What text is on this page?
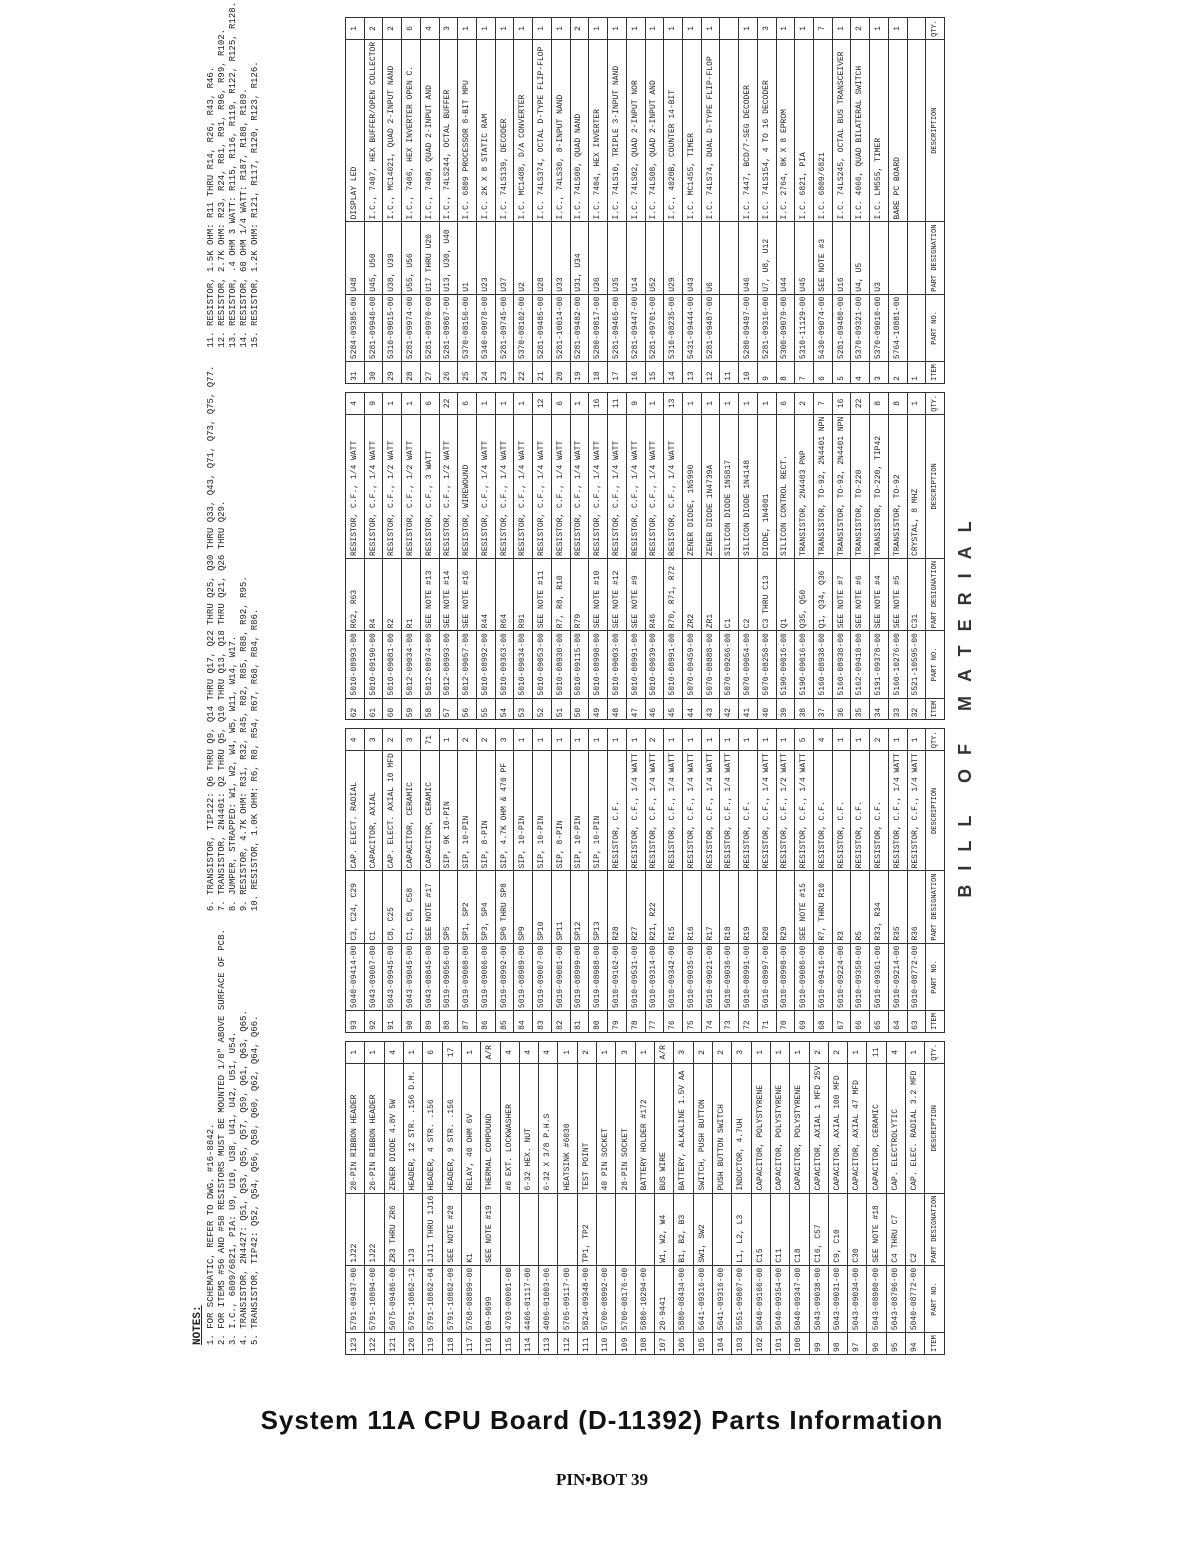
NOTES: 1. FOR SCHEMATIC, REFER TO DWG. #16-8842. 2. FOR ITEMS #56 AND #58 RESISTORS MUST BE MOUNTED 1/8" ABOVE SURFACE OF PCB. 3. I.C., 6809/6821, PIA: U9, U10, U38, U41, U42, U51, U54. 4. TRANSISTOR, 2N4427: Q51, Q53, Q55, Q57, Q59, Q61, Q63, Q65. 5. TRANSISTOR, TIP42: Q52, Q54, Q56, Q58, Q60, Q62, Q64, Q66.
6. TRANSISTOR, TIP122: Q6 THRU Q9, Q14 THRU Q17, Q22 THRU Q25, Q30 THRU Q33, Q43, Q71, Q73, Q75, Q77. 7. TRANSISTOR, 2N4401: Q2 THRU Q5, Q10 THRU Q13, Q18 THRU Q21, Q26 THRU Q29. 8. JUMPER, STRAPPED: W1, W2, W4, W5, W11, W14, W17. 9. RESISTOR, 4.7K OHM: R31, R32, R45, R82, R85, R88, R92, R95. 10. RESISTOR, 1.0K OHM: R6, R8, R54, R67, R68, R84, R86.
11. RESISTOR, 1.5K OHM: R11 THRU R14, R26, R43, R46. 12. RESISTOR, 2.7K OHM: R23, R24, R81, R91, R96, R99, R102. 13. RESISTOR, .4 OHM 3 WATT: R115, R116, R119, R122, R125, R128. 14. RESISTOR, 68 OHM 1/4 WATT: R187, R188, R189. 15. RESISTOR, 1.2K OHM: R121, R117, R120, R123, R126.
123	5791-09437-00	1J22	20-PIN RIBBON HEADER	1
122	5791-10894-00	1J22	26-PIN RIBBON HEADER	1
121	5075-09486-00	ZR3 THRU ZR6	ZENER DIODE 4.8V 5W	4
120	5791-10862-12	1J3	HEADER, 12 STR. .156 D.M.	1
119	5791-10862-04	1J11 THRU 1J16	HEADER, 4 STR. .156	6
118	5791-10862-09	SEE NOTE #20	HEADER, 9 STR. .156	17
117	5768-08899-00	K1	RELAY, 40 OHM 6V	1
116	09-9699	SEE NOTE #19	THERMAL COMPOUND	A/R
115	4703-00001-00		#6 EXT. LOCKWASHER	4
114	4406-01117-00		6-32 HEX. NUT	4
113	4006-01003-06		6-32 X 3/8 P.H.S	4
112	5705-09117-00		HEATSINK #6030	1
111	5824-09348-00	TP1, TP2	TEST POINT	2
110	5700-08992-00		40 PIN SOCKET	1
109	5700-08176-00		28-PIN SOCKET	3
108	5880-10294-00		BATTERY HOLDER #172	1
107	20-9441	W1, W2, W4	BUS WIRE	A/R
106	5880-08434-00	B1, B2, B3	BATTERY, ALKALINE 1.5V AA	3
105	5641-09316-00	SW1, SW2	SWITCH, PUSH BUTTON	2
104	5641-09316-00		PUSH BUTTON SWITCH	2
103	5551-09807-00	L1, L2, L3	INDUCTOR, 4.7UH	3
102	5040-09166-00	C15	CAPACITOR, POLYSTYRENE	1
101	5040-09354-00	C11	CAPACITOR, POLYSTYRENE	1
100	5040-09347-00	C18	CAPACITOR, POLYSTYRENE	1
99	5043-09038-00	C16, C57	CAPACITOR, AXIAL 1 MFD 25V	2
98	5043-09031-00	C9, C10	CAPACITOR, AXIAL 100 MFD	2
97	5043-09034-00	C30	CAPACITOR, AXIAL 47 MFD	1
96	5043-08980-00	SEE NOTE #18	CAPACITOR, CERAMIC	11
95	5043-08796-00	C4 THRU C7	CAP. ELECTROLYTIC	4
94	5040-08772-00	C2	CAP. ELEC. RADIAL 3.2 MFD	1
ITEM	PART NO.	PART DESIGNATION	DESCRIPTION	QTY.
93	5040-09414-00	C3, C24, C29	CAP. ELECT. RADIAL	4
92	5043-09067-00	C1	CAPACITOR, AXIAL	3
91	5043-09945-00	C8, C25	CAP. ELECT. AXIAL 10 MFD	2
90	5043-09045-00	C1, C8, C58	CAPACITOR, CERAMIC	3
89	5043-08845-00	SEE NOTE #17	CAPACITOR, CERAMIC	71
88	5019-09056-00	SP5	SIP, 9K 10-PIN	1
87	5019-09008-00	SP1, SP2	SIP, 10-PIN	2
86	5019-09006-00	SP3, SP4	SIP, 8-PIN	2
85	5019-08992-00	SP6 THRU SP8	SIP, 4.7K OHM & 470 PF	3
84	5019-08989-00	SP9	SIP, 10-PIN	1
83	5019-09007-00	SP10	SIP, 10-PIN	1
82	5019-09001-00	SP11	SIP, 8-PIN	1
81	5019-08999-00	SP12	SIP, 10-PIN	1
80	5019-08988-00	SP13	SIP, 10-PIN	1
79	5010-09162-00	R28	RESISTOR, C.F.	1
78	5010-09531-00	R27	RESISTOR, C.F., 1/4 WATT	1
77	5010-09314-00	R21, R22	RESISTOR, C.F., 1/4 WATT	2
76	5010-09342-00	R15	RESISTOR, C.F., 1/4 WATT	1
75	5010-09035-00	R16	RESISTOR, C.F., 1/4 WATT	1
74	5010-09021-00	R17	RESISTOR, C.F., 1/4 WATT	1
73	5010-09036-00	R18	RESISTOR, C.F., 1/4 WATT	1
72	5010-08991-00	R19	RESISTOR, C.F.	1
71	5010-08997-00	R20	RESISTOR, C.F., 1/4 WATT	1
70	5010-08998-00	R29	RESISTOR, C.F., 1/2 WATT	1
69	5010-09086-00	SEE NOTE #15	RESISTOR, C.F., 1/4 WATT	5
68	5010-09416-00	R7, THRU R10	RESISTOR, C.F.	4
67	5010-09224-00	R3	RESISTOR, C.F.	1
66	5010-09358-00	R5	RESISTOR, C.F.	1
65	5010-09361-00	R33, R34	RESISTOR, C.F.	2
64	5010-09214-00	R35	RESISTOR, C.F., 1/4 WATT	1
63	5010-08772-00	R36	RESISTOR, C.F., 1/4 WATT	1
ITEM	PART NO.	PART DESIGNATION	DESCRIPTION	QTY.
62	5010-08993-00	R62, R63	RESISTOR, C.F., 1/4 WATT	4
61	5010-09190-00	R4	RESISTOR, C.F., 1/4 WATT	9
60	5010-09081-00	R2	RESISTOR, C.F., 1/2 WATT	1
59	5012-09034-00	R1	RESISTOR, C.F., 1/2 WATT	1
58	5012-08974-00	SEE NOTE #13	RESISTOR, C.F., 3 WATT	6
57	5012-08993-00	SEE NOTE #14	RESISTOR, C.F., 1/2 WATT	22
56	5012-09057-00	SEE NOTE #16	RESISTOR, WIREWOUND	6
55	5010-08992-00	R44	RESISTOR, C.F., 1/4 WATT	1
54	5010-09363-00	R64	RESISTOR, C.F., 1/4 WATT	1
53	5010-09034-00	R91	RESISTOR, C.F., 1/4 WATT	1
52	5010-09053-00	SEE NOTE #11	RESISTOR, C.F., 1/4 WATT	12
51	5010-08930-00	R7, R8, R10	RESISTOR, C.F., 1/4 WATT	6
50	5010-09115-00	R79	RESISTOR, C.F., 1/4 WATT	1
49	5010-08998-00	SEE NOTE #10	RESISTOR, C.F., 1/4 WATT	16
48	5010-09003-00	SEE NOTE #12	RESISTOR, C.F., 1/4 WATT	11
47	5010-08991-00	SEE NOTE #9	RESISTOR, C.F., 1/4 WATT	9
46	5010-09039-00	R46	RESISTOR, C.F., 1/4 WATT	1
45	5010-08991-00	R70, R71, R72	RESISTOR, C.F., 1/4 WATT	13
44	5070-09459-00	ZR2	ZENER DIODE, 1N5990	1
43	5070-08888-00	ZR1	ZENER DIODE 1N4739A	1
42	5070-09266-00	C1	SILICON DIODE 1N5817	1
41	5070-09054-00	C2	SILICON DIODE 1N4148	1
40	5070-08258-00	C3 THRU C13	DIODE, 1N4001	1
39	5190-09016-00	Q1	SILICON CONTROL RECT.	6
38	5190-09016-00	Q35, Q50	TRANSISTOR, 2N4403 PNP	2
37	5160-08938-00	Q1, Q34, Q36	TRANSISTOR, TO-92, 2N4401 NPN	7
36	5160-08938-00	SEE NOTE #7	TRANSISTOR, TO-92, 2N4401 NPN	16
35	5162-09418-00	SEE NOTE #6	TRANSISTOR, TO-220	22
34	5191-09378-00	SEE NOTE #4	TRANSISTOR, TO-220, TIP42	8
33	5160-10276-00	SEE NOTE #5	TRANSISTOR, TO-92	8
32	5521-10595-00	C31	CRYSTAL, 8 MHZ	1
ITEM	PART NO.	PART DESIGNATION	DESCRIPTION	QTY.
31	5284-09385-00	U48	DISPLAY LED	1
30	5281-09946-00	U45, U50	I.C., 7407, HEX BUFFER/OPEN COLLECTOR	2
29	5310-09015-00	U38, U39	I.C., MC14021, QUAD 2-INPUT NAND	2
28	5281-09974-00	U55, U56	I.C., 7406, HEX INVERTER OPEN C.	6
27	5281-09970-00	U17 THRU U20	I.C., 7408, QUAD 2-INPUT AND	4
26	5281-09867-00	U13, U30, U40	I.C., 74LS244, OCTAL BUFFER	3
25	5370-08156-00	U1	I.C. 6809 PROCESSOR 8-BIT MPU	1
24	5340-09078-00	U23	I.C. 2K X 8 STATIC RAM	1
23	5281-09745-00	U37	I.C. 74LS139, DECODER	1
22	5370-08102-00	U2	I.C. MC1408, D/A CONVERTER	1
21	5281-09485-00	U28	I.C. 74LS374, OCTAL D-TYPE FLIP-FLOP	1
20	5281-10014-00	U33	I.C., 74LS30, 8-INPUT NAND	1
19	5281-09482-00	U31, U34	I.C. 74LS00, QUAD NAND	2
18	5280-09817-00	U36	I.C. 7404, HEX INVERTER	1
17	5281-09465-00	U35	I.C. 74LS10, TRIPLE 3-INPUT NAND	1
16	5281-09447-00	U14	I.C. 74LS02, QUAD 2-INPUT NOR	1
15	5281-09701-00	U52	I.C. 74LS08, QUAD 2-INPUT AND	1
14	5310-08235-00	U29	I.C., 4020B, COUNTER 14-BIT	1
13	5431-09444-00	U43	I.C. MC1455, TIMER	1
12	5281-09487-00	U6	I.C. 74LS74, DUAL D-TYPE FLIP-FLOP	1
11				
10	5280-09497-00	U46	I.C. 7447, BCD/7-SEG DECODER	1
9	5281-09316-00	U7, U8, U12	I.C. 74LS154, 4 TO 16 DECODER	3
8	5300-09079-00	U44	I.C. 2764, 8K X 8 EPROM	1
7	5310-11129-00	U45	I.C. 6821, PIA	1
6	5430-09074-00	SEE NOTE #3	I.C. 6809/6821	7
5	5281-09480-00	U16	I.C. 74LS245, OCTAL BUS TRANSCEIVER	1
4	5370-09321-00	U4, U5	I.C. 4066, QUAD BILATERAL SWITCH	2
3	5370-09010-00	U3	I.C. LM555, TIMER	1
2	5764-10881-00		BARE PC BOARD	1
1				
ITEM	PART NO.	PART DESIGNATION	DESCRIPTION	QTY.
BILL OF MATERIAL
System 11A CPU Board (D-11392) Parts Information
PIN•BOT 39
